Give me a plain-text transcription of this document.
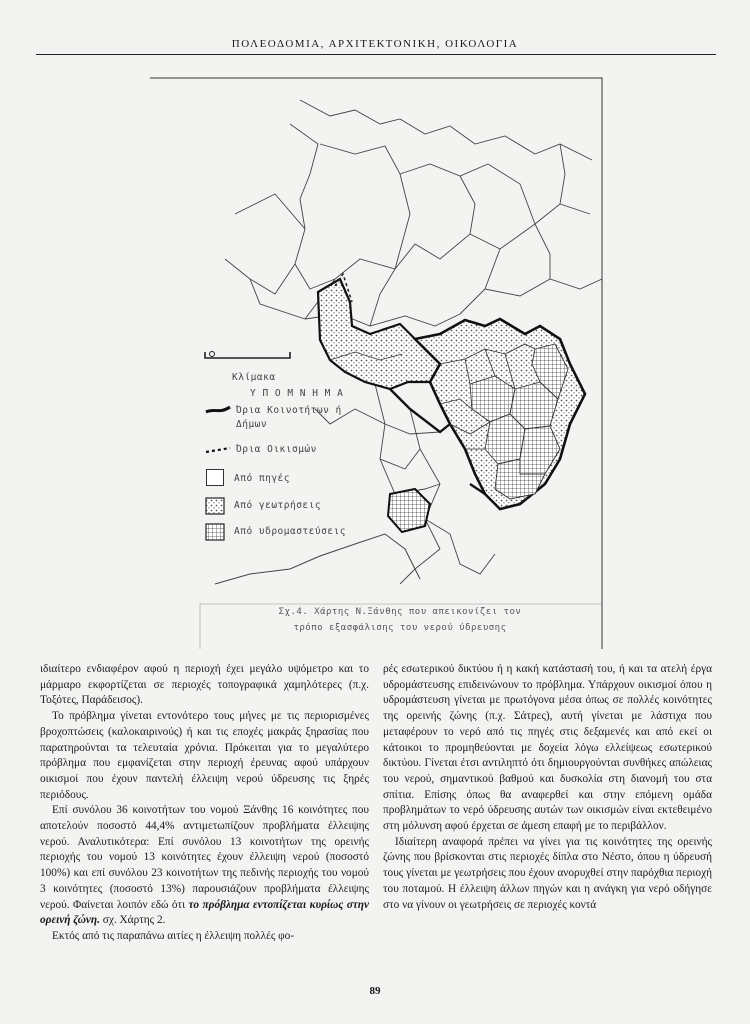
ΠΟΛΕΟΔΟΜΙΑ, ΑΡΧΙΤΕΚΤΟΝΙΚΗ, ΟΙΚΟΛΟΓΙΑ
Κλίμακα
Υ Π Ο Μ Ν Η Μ Α
Όρια Κοινοτήτων ή Δήμων
Όρια Οικισμών
Από πηγές
Από γεωτρήσεις
Από υδρομαστεύσεις
Σχ.4. Χάρτης Ν.Ξάνθης που απεικονίζει τον
τρόπο εξασφάλισης του νερού ύδρευσης

ιδιαίτερο ενδιαφέρον αφού η περιοχή έχει μεγάλο υψόμετρο και το μάρμαρο εκφορτίζεται σε περιοχές τοπογραφικά χαμηλότερες (π.χ. Τοξότες, Παράδεισος).

Το πρόβλημα γίνεται εντονότερο τους μήνες με τις περιορισμένες βροχοπτώσεις (καλοκαιρινούς) ή και τις εποχές μακράς ξηρασίας που παρατηρούνται τα τελευταία χρόνια. Πρόκειται για το μεγαλύτερο πρόβλημα που εμφανίζεται στην περιοχή έρευνας αφού υπάρχουν οικισμοί που έχουν παντελή έλλειψη νερού ύδρευσης τις ξηρές περιόδους.

Επί συνόλου 36 κοινοτήτων του νομού Ξάνθης 16 κοινότητες που αποτελούν ποσοστό 44,4% αντιμετωπίζουν προβλήματα έλλειψης νερού. Αναλυτικότερα: Επί συνόλου 13 κοινοτήτων της ορεινής περιοχής του νομού 13 κοινότητες έχουν έλλειψη νερού (ποσοστό 100%) και επί συνόλου 23 κοινοτήτων της πεδινής περιοχής του νομού 3 κοινότητες (ποσοστό 13%) παρουσιάζουν προβλήματα έλλειψης νερού. Φαίνεται λοιπόν εδώ ότι το πρόβλημα εντοπίζεται κυρίως στην ορεινή ζώνη. σχ. Χάρτης 2.

Εκτός από τις παραπάνω αιτίες η έλλειψη πολλές φο-

ρές εσωτερικού δικτύου ή η κακή κατάστασή του, ή και τα ατελή έργα υδρομάστευσης επιδεινώνουν το πρόβλημα. Υπάρχουν οικισμοί όπου η υδρομάστευση γίνεται με πρωτόγονα μέσα όπως σε πολλές κοινότητες της ορεινής ζώνης (π.χ. Σάτρες), αυτή γίνεται με λάστιχα που μεταφέρουν το νερό από τις πηγές στις δεξαμενές και από εκεί οι κάτοικοι το προμηθεύονται με δοχεία λόγω ελλείψεως εσωτερικού δικτύου. Γίνεται έτσι αντιληπτό ότι δημιουργούνται συνθήκες απώλειας του νερού, σημαντικού βαθμού και δυσκολία στη διανομή του στα σπίτια. Επίσης όπως θα αναφερθεί και στην επόμενη ομάδα προβλημάτων το νερό ύδρευσης αυτών των οικισμών είναι εκτεθειμένο στη μόλυνση αφού έρχεται σε άμεση επαφή με το περιβάλλον.

Ιδιαίτερη αναφορά πρέπει να γίνει για τις κοινότητες της ορεινής ζώνης που βρίσκονται στις περιοχές δίπλα στο Νέστο, όπου η ύδρευσή τους γίνεται με γεωτρήσεις που έχουν ανορυχθεί στην παρόχθια περιοχή του ποταμού. Η έλλειψη άλλων πηγών και η ανάγκη για νερό οδήγησε στο να γίνουν οι γεωτρήσεις σε περιοχές κοντά

89
